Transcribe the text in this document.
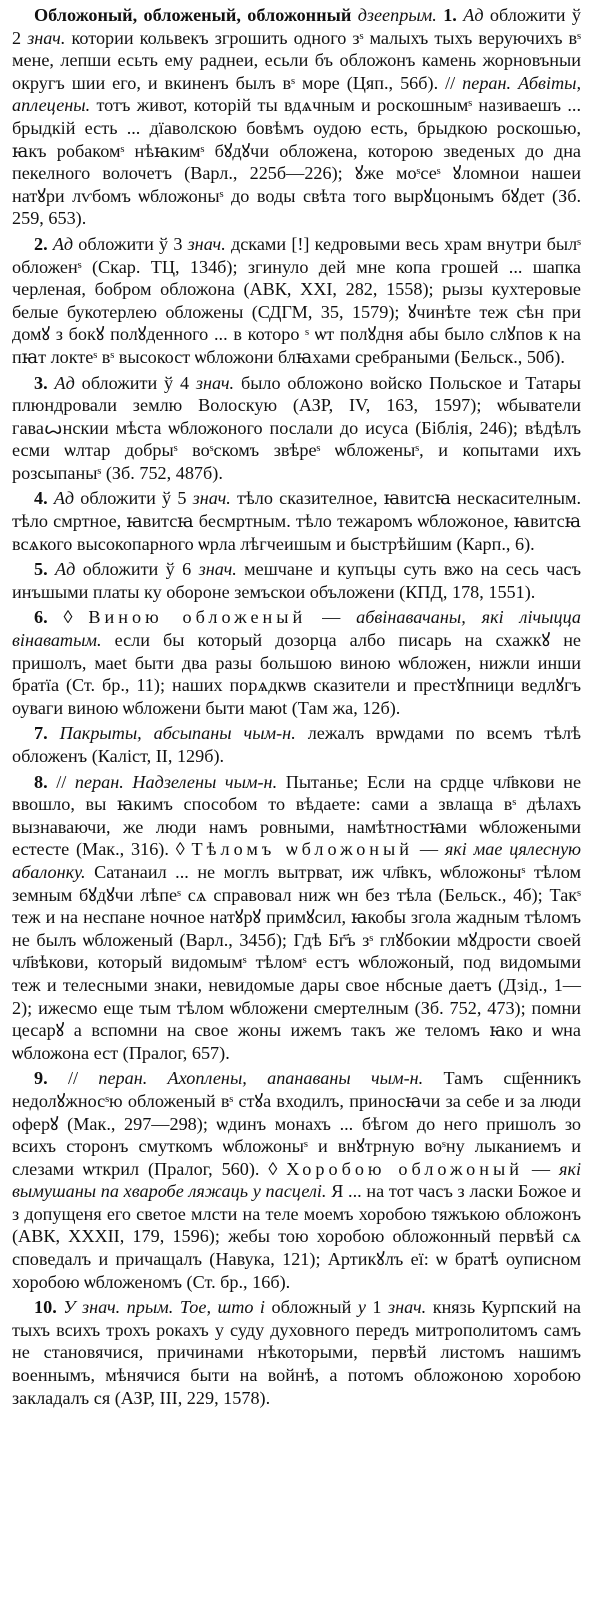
Обложоный, обложеный, обложонный дзеепрым. 1. Ад обложити ў 2 знач. котории кольвекъ згрошить одного зˢ малыхъ тыхъ веруючихъ вˢ мене, лепши есьть ему раднеи, есьли бъ обложонъ камень жорновъныи округъ шии его, и вкиненъ былъ вˢ море (Цяп., 56б). // перан. Абвіты, аплецены. тотъ живот, которій ты вдѧчным и роскошнымˢ називаешъ ... брыдкій есть ... дїаволскою бовѣмъ оудою есть, брыдкою роскошью, ꙗкъ робакомˢ нѣꙗкимˢ бꙋдꙋчи обложена, которою зведеных до дна пекелного волочетъ (Варл., 225б—226); ꙋже моˢсеˢ ꙋломнои нашеи натꙋри лѵбомъ ѡбложоныˢ до воды свѣта того вырꙋцонымъ бꙋдет (Зб. 259, 653).

2. Ад обложити ў 3 знач. дсками [!] кедровыми весь храм внутри былˢ обложенˢ (Скар. ТЦ, 134б); згинуло дей мне копа грошей ... шапка черленая, бобром обложона (АВК, XXI, 282, 1558); рызы кухтеровые белые букотерлею обложены (СДГМ, 35, 1579); ꙋчинѣте теж сѣн при домꙋ з бокꙋ полꙋденного ... в которо ˢ ѡт полꙋдня абы было слꙋпов к на пꙗт локтеˢ вˢ высокост ѡбложони блꙗхами сребраными (Бельск., 50б).

3. Ад обложити ў 4 знач. было обложоно войско Польское и Татары плюндровали землю Волоскую (АЗР, IV, 163, 1597); ѡбыватели гаваꙍнскии мѣста ѡбложоного послали до исуса (Біблія, 246); вѣдѣлъ есми ѡлтар добрыˢ воˢскомъ звѣреˢ ѡбложеныˢ, и копытами ихъ розсыпаныˢ (Зб. 752, 487б).

4. Ад обложити ў 5 знач. тѣло сказителное, ꙗвитсꙗ нескасителным. тѣло смртное, ꙗвитсꙗ бесмртным. тѣло тежаромъ ѡбложоное, ꙗвитсꙗ всѧкого высокопарного ѡрла лѣгчеишым и быстрѣйшим (Карп., 6).

5. Ад обложити ў 6 знач. мешчане и купъцы суть вжо на сесь часъ инъшыми платы ку обороне земъскои объложени (КПД, 178, 1551).

6. ◊ Виною обложеный — абвінавачаны, які лічыцца вінаватым. если бы который дозорца албо писарь на схажкꙋ не пришолъ, маеt быти два разы большою виною ѡбложен, нижли инши братїа (Ст. бр., 11); наших порѧдкѡв сказители и престꙋпници ведлꙋгъ оуваги виною ѡбложени быти маюt (Там жа, 12б).

7. Пакрыты, абсыпаны чым-н. лежалъ врѡдами по всемъ тѣлѣ обложенъ (Каліст, II, 129б).

8. // перан. Надзелены чым-н. Пытанье; Если на срдце чл҃вкови не ввошло, вы ꙗкимъ способом то вѣдаете: сами а звлаща вˢ дѣлахъ вызнаваючи, же люди намъ ровными, намѣтностꙗми ѡбложеными естесте (Мак., 316). ◊ Тѣломъ ѡбложоный — які мае цялесную абалонку. Сатанаил ... не моглъ вытрват, иж чл҃вкъ, ѡбложоныˢ тѣлом земным бꙋдꙋчи лѣпеˢ сѧ справовал ниж ѡн без тѣла (Бельск., 4б); Такˢ теж и на неспане ночное натꙋрꙋ примꙋсил, ꙗкобы згола жадным тѣломъ не былъ ѡбложеный (Варл., 345б); Гдѣ Бг҃ъ зˢ глꙋбокии мꙋдрости своей чл҃вѣкови, который видомымˢ тѣломˢ естъ ѡбложоный, под видомыми теж и телесными знаки, невидомые дары свое нбсные даетъ (Дзід., 1—2); ижесмо еще тым тѣлом ѡбложени смертелным (Зб. 752, 473); помни цесарꙋ а вспомни на свое жоны ижемъ такъ же теломъ ꙗко и ѡна ѡбложона ест (Пралог, 657).

9. // перан. Ахоплены, апанаваны чым-н. Тамъ сщ҃енникъ недолꙋжносˢю обложеный вˢ стꙋа входилъ, приносꙗчи за себе и за люди оферꙋ (Мак., 297—298); ѡдинъ монахъ ... бѣгом до него пришолъ зо всихъ сторонъ смуткомъ ѡбложоныˢ и внꙋтрную воˢну лыканиемъ и слезами ѡткрил (Пралог, 560). ◊ Хоробою обложоный — які вымушаны па хваробе ляжаць у пасцелі. Я ... на тот часъ з ласки Божое и з допущеня его светое млсти на теле моемъ хоробою тяжъкою обложонъ (АВК, XXXII, 179, 1596); жебы тою хоробою обложонный первѣй сѧ споведалъ и причащалъ (Навука, 121); Артикꙋлъ еї: ѡ братѣ оуписном хоробою ѡбложеномъ (Ст. бр., 16б).

10. У знач. прым. Тое, што і обложный у 1 знач. князь Курпский на тыхъ всихъ трохъ рокахъ у суду духовного передъ митрополитомъ самъ не становячися, причинами нѣкоторыми, первѣй листомъ нашимъ военнымъ, мѣнячися быти на войнѣ, а потомъ обложоною хоробою закладалъ ся (АЗР, III, 229, 1578).
